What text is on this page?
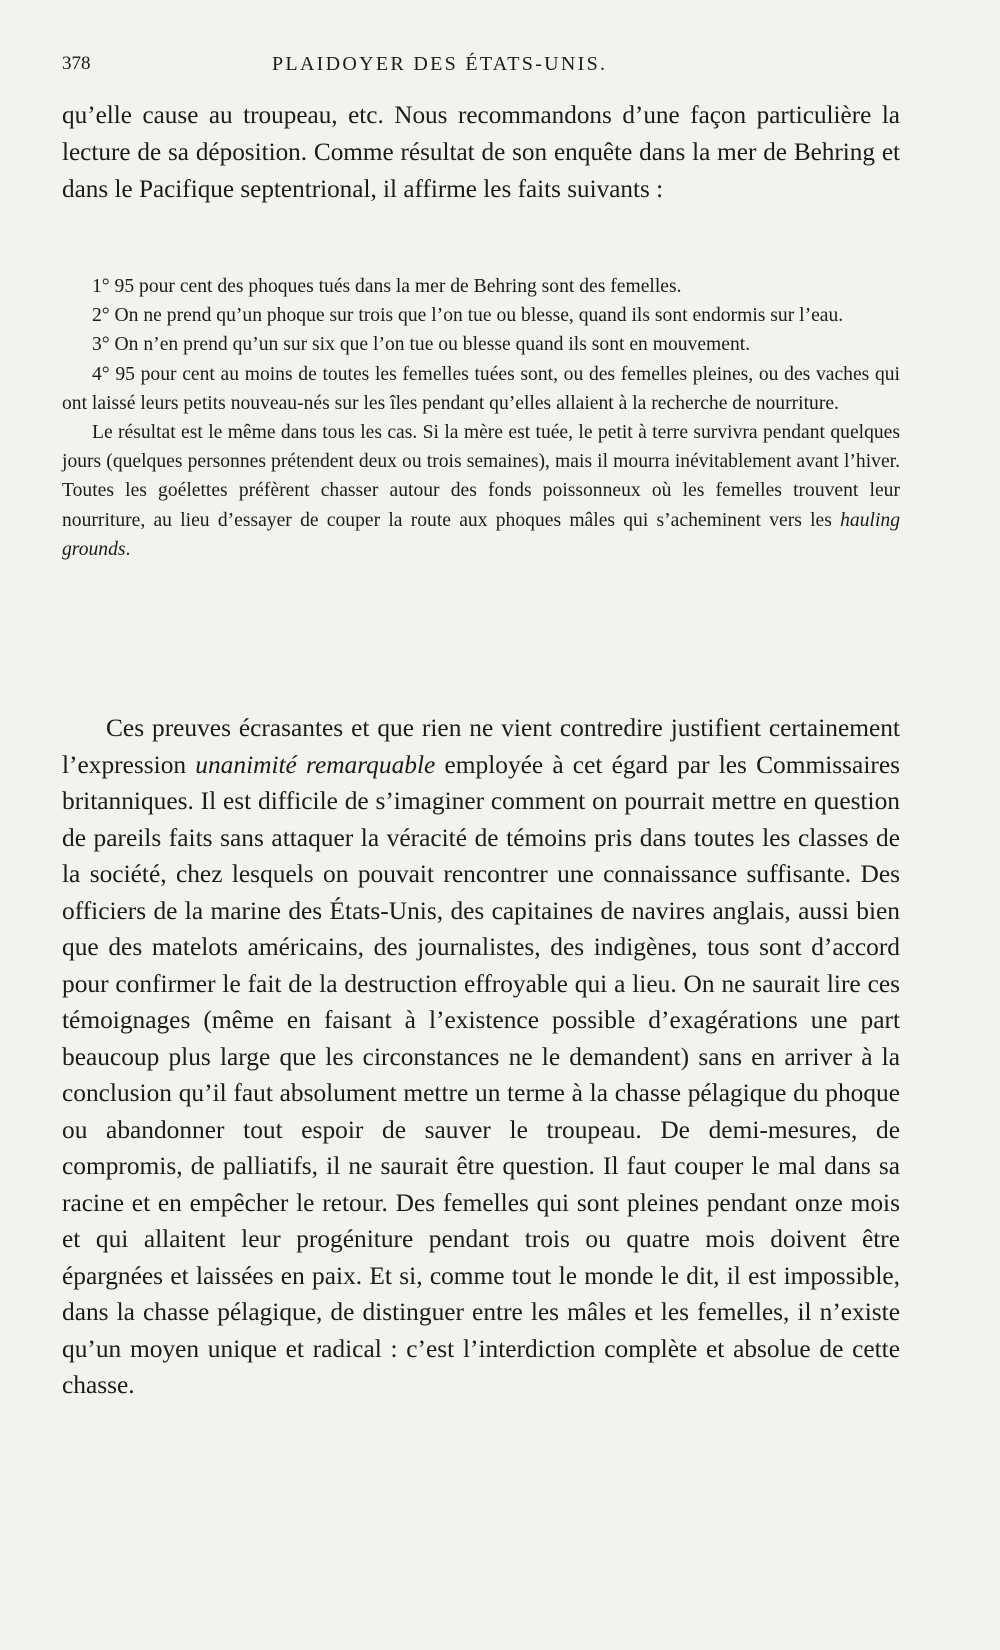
378	PLAIDOYER DES ÉTATS-UNIS.

qu’elle cause au troupeau, etc. Nous recommandons d’une façon particulière la lecture de sa déposition. Comme résultat de son enquête dans la mer de Behring et dans le Pacifique septentrional, il affirme les faits suivants :

1° 95 pour cent des phoques tués dans la mer de Behring sont des femelles.

2° On ne prend qu’un phoque sur trois que l’on tue ou blesse, quand ils sont endormis sur l’eau.

3° On n’en prend qu’un sur six que l’on tue ou blesse quand ils sont en mouvement.

4° 95 pour cent au moins de toutes les femelles tuées sont, ou des femelles pleines, ou des vaches qui ont laissé leurs petits nouveau-nés sur les îles pendant qu’elles allaient à la recherche de nourriture.

Le résultat est le même dans tous les cas. Si la mère est tuée, le petit à terre survivra pendant quelques jours (quelques personnes prétendent deux ou trois semaines), mais il mourra inévitablement avant l’hiver. Toutes les goélettes préfèrent chasser autour des fonds poissonneux où les femelles trouvent leur nourriture, au lieu d’essayer de couper la route aux phoques mâles qui s’acheminent vers les hauling grounds.

Ces preuves écrasantes et que rien ne vient contredire justifient certainement l’expression unanimité remarquable employée à cet égard par les Commissaires britanniques. Il est difficile de s’imaginer comment on pourrait mettre en question de pareils faits sans attaquer la véracité de témoins pris dans toutes les classes de la société, chez lesquels on pouvait rencontrer une connaissance suffisante. Des officiers de la marine des États-Unis, des capitaines de navires anglais, aussi bien que des matelots américains, des journalistes, des indigènes, tous sont d’accord pour confirmer le fait de la destruction effroyable qui a lieu. On ne saurait lire ces témoignages (même en faisant à l’existence possible d’exagérations une part beaucoup plus large que les circonstances ne le demandent) sans en arriver à la conclusion qu’il faut absolument mettre un terme à la chasse pélagique du phoque ou abandonner tout espoir de sauver le troupeau. De demi-mesures, de compromis, de palliatifs, il ne saurait être question. Il faut couper le mal dans sa racine et en empêcher le retour. Des femelles qui sont pleines pendant onze mois et qui allaitent leur progéniture pendant trois ou quatre mois doivent être épargnées et laissées en paix. Et si, comme tout le monde le dit, il est impossible, dans la chasse pélagique, de distinguer entre les mâles et les femelles, il n’existe qu’un moyen unique et radical : c’est l’interdiction complète et absolue de cette chasse.
